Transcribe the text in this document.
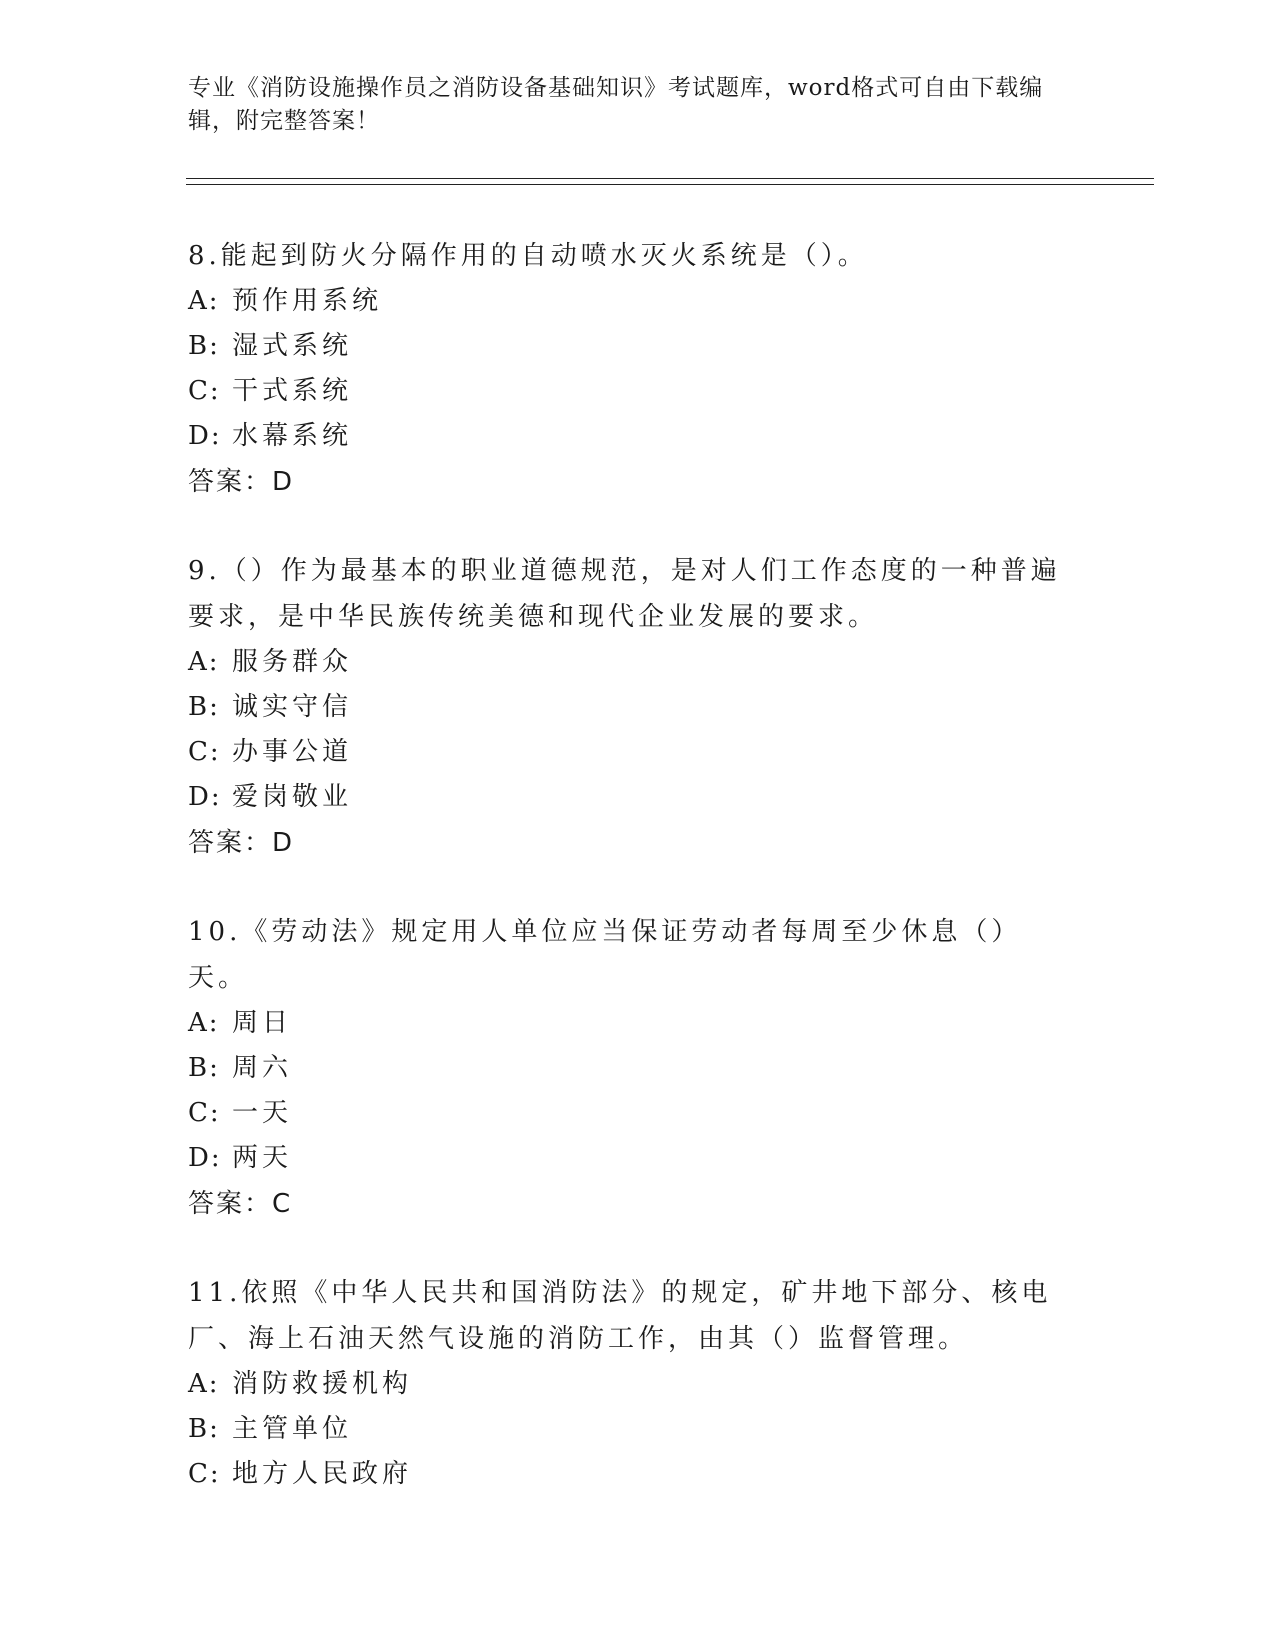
专业《消防设施操作员之消防设备基础知识》考试题库，word格式可自由下载编辑，附完整答案！

8.能起到防火分隔作用的自动喷水灭火系统是（）。

A: 预作用系统

B: 湿式系统

C: 干式系统

D: 水幕系统

答案：D

9.（）作为最基本的职业道德规范，是对人们工作态度的一种普遍要求，是中华民族传统美德和现代企业发展的要求。

A: 服务群众

B: 诚实守信

C: 办事公道

D: 爱岗敬业

答案：D

10.《劳动法》规定用人单位应当保证劳动者每周至少休息（）天。

A: 周日

B: 周六

C: 一天

D: 两天

答案：C

11.依照《中华人民共和国消防法》的规定，矿井地下部分、核电厂、海上石油天然气设施的消防工作，由其（）监督管理。

A: 消防救援机构

B: 主管单位

C: 地方人民政府
